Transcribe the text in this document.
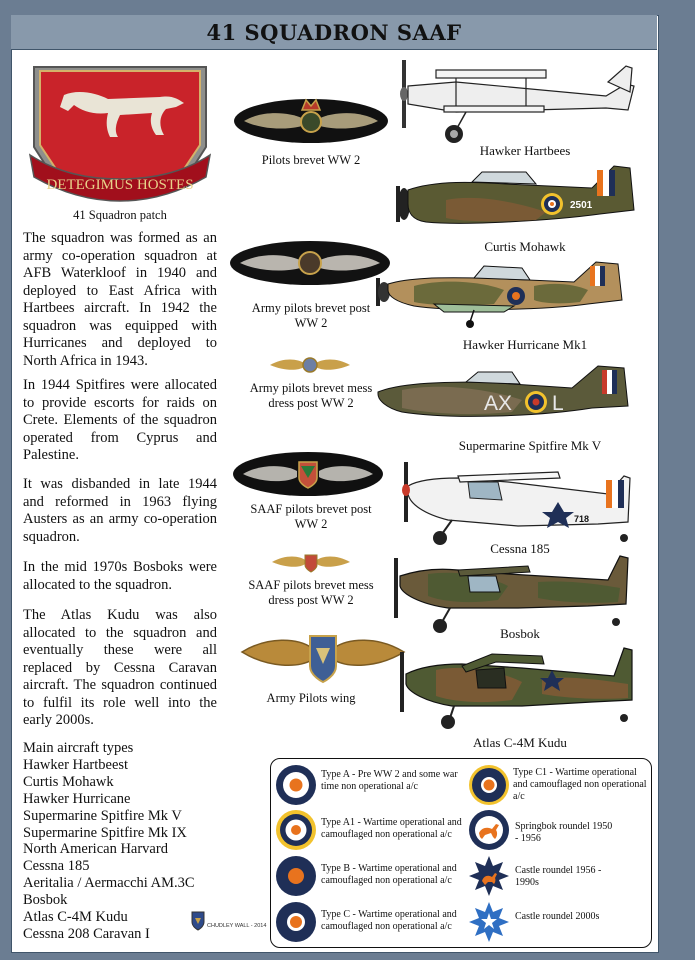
41 SQUADRON SAAF
DETEGIMUS HOSTES
41 Squadron patch

The squadron was formed as an army co-operation squadron at AFB Waterkloof in 1940 and deployed to East Africa with Hartbees aircraft. In 1942 the squadron was equipped with Hurricanes and deployed to North Africa in 1943.

In 1944 Spitfires were allocated to provide escorts for raids on Crete. Elements of the squadron operated from Cyprus and Palestine.

It was disbanded in late 1944 and reformed in 1963 flying Austers as an army co-operation squadron.

In the mid 1970s Bosboks were allocated to the squadron.

The Atlas Kudu was also allocated to the squadron and eventually these were all replaced by Cessna Caravan aircraft. The squadron continued to fulfil its role well into the early 2000s.

Main aircraft types
Hawker Hartbeest
Curtis Mohawk
Hawker Hurricane
Supermarine Spitfire Mk V
Supermarine Spitfire Mk IX
North American Harvard
Cessna 185
Aeritalia / Aermacchi AM.3C
Bosbok
Atlas C-4M Kudu
Cessna 208 Caravan I	CHUDLEY WALL - 2014
Pilots brevet WW 2
Army pilots brevet post WW 2
Army pilots brevet mess dress post WW 2
SAAF pilots brevet post WW 2
SAAF pilots brevet mess dress post WW 2
Army Pilots wing
Hawker Hartbees
2501
Curtis Mohawk
Hawker Hurricane Mk1
AX L
Supermarine Spitfire Mk V
718
Cessna 185
Bosbok
Atlas C-4M Kudu
Type A - Pre WW 2 and some war time non operational a/c
Type A1 - Wartime operational and camouflaged non operational a/c
Type B - Wartime operational and camouflaged non operational a/c
Type C - Wartime operational and camouflaged non operational a/c
Type C1 - Wartime operational and camouflaged non operational a/c
Springbok roundel 1950 - 1956
Castle roundel 1956 - 1990s
Castle roundel 2000s
